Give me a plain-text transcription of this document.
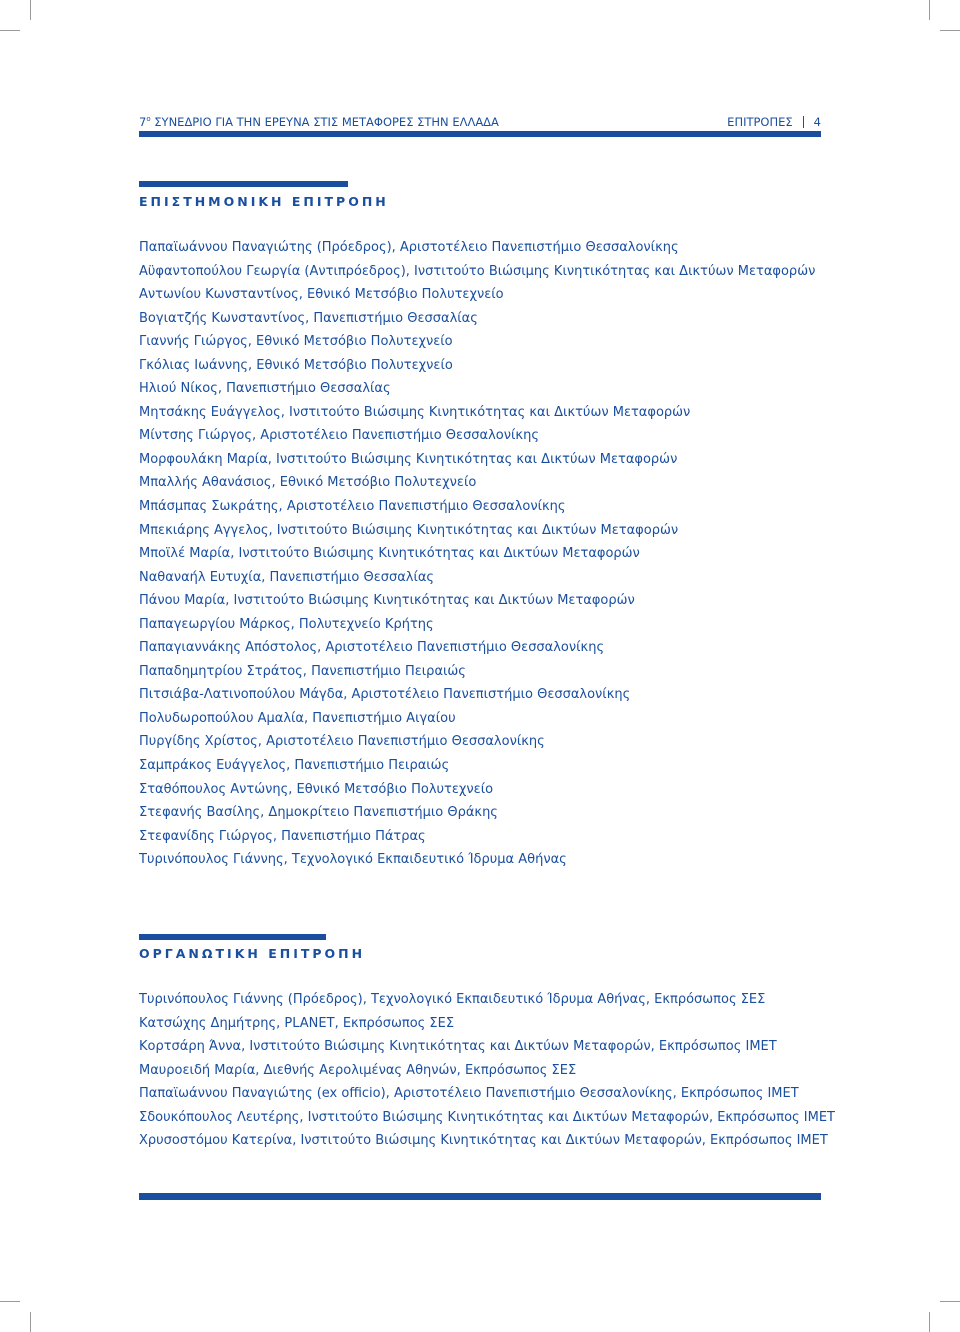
$7^o$ ΣΥΝΕΔΡΙΟ ΓΙΑ ΤΗΝ ΕΡΕΥΝΑ ΣΤΙΣ ΜΕΤΑΦΟΡΕΣ ΣΤΗΝ ΕΛΛΑΔΑ	ΕΠΙΤΡΟΠΕΣ 4
ΕΠΙΣΤΗΜΟΝΙΚΗ ΕΠΙΤΡΟΠΗ
Παπαϊωάννου Παναγιώτης (Πρόεδρος), Αριστοτέλειο Πανεπιστήμιο Θεσσαλονίκης
Αϋφαντοπούλου Γεωργία (Αντιπρόεδρος), Ινστιτούτο Βιώσιμης Κινητικότητας και Δικτύων Μεταφορών
Αντωνίου Κωνσταντίνος, Εθνικό Μετσόβιο Πολυτεχνείο
Βογιατζής Κωνσταντίνος, Πανεπιστήμιο Θεσσαλίας
Γιαννής Γιώργος, Εθνικό Μετσόβιο Πολυτεχνείο
Γκόλιας Ιωάννης, Εθνικό Μετσόβιο Πολυτεχνείο
Ηλιού Νίκος, Πανεπιστήμιο Θεσσαλίας
Μητσάκης Ευάγγελος, Ινστιτούτο Βιώσιμης Κινητικότητας και Δικτύων Μεταφορών
Μίντσης Γιώργος, Αριστοτέλειο Πανεπιστήμιο Θεσσαλονίκης
Μορφουλάκη Μαρία, Ινστιτούτο Βιώσιμης Κινητικότητας και Δικτύων Μεταφορών
Μπαλλής Αθανάσιος, Εθνικό Μετσόβιο Πολυτεχνείο
Μπάσμπας Σωκράτης, Αριστοτέλειο Πανεπιστήμιο Θεσσαλονίκης
Μπεκιάρης Αγγελος, Ινστιτούτο Βιώσιμης Κινητικότητας και Δικτύων Μεταφορών
Μποϊλέ Μαρία, Ινστιτούτο Βιώσιμης Κινητικότητας και Δικτύων Μεταφορών
Ναθαναήλ Ευτυχία, Πανεπιστήμιο Θεσσαλίας
Πάνου Μαρία, Ινστιτούτο Βιώσιμης Κινητικότητας και Δικτύων Μεταφορών
Παπαγεωργίου Μάρκος, Πολυτεχνείο Κρήτης
Παπαγιαννάκης Απόστολος, Αριστοτέλειο Πανεπιστήμιο Θεσσαλονίκης
Παπαδημητρίου Στράτος, Πανεπιστήμιο Πειραιώς
Πιτσιάβα-Λατινοπούλου Μάγδα, Αριστοτέλειο Πανεπιστήμιο Θεσσαλονίκης
Πολυδωροπούλου Αμαλία, Πανεπιστήμιο Αιγαίου
Πυργίδης Χρίστος, Αριστοτέλειο Πανεπιστήμιο Θεσσαλονίκης
Σαμπράκος Ευάγγελος, Πανεπιστήμιο Πειραιώς
Σταθόπουλος Αντώνης, Εθνικό Μετσόβιο Πολυτεχνείο
Στεφανής Βασίλης, Δημοκρίτειο Πανεπιστήμιο Θράκης
Στεφανίδης Γιώργος, Πανεπιστήμιο Πάτρας
Τυρινόπουλος Γιάννης, Τεχνολογικό Εκπαιδευτικό Ίδρυμα Αθήνας
ΟΡΓΑΝΩΤΙΚΗ ΕΠΙΤΡΟΠΗ
Τυρινόπουλος Γιάννης (Πρόεδρος), Τεχνολογικό Εκπαιδευτικό Ίδρυμα Αθήνας, Εκπρόσωπος ΣΕΣ
Κατσώχης Δημήτρης, PLANET, Εκπρόσωπος ΣΕΣ
Κορτσάρη Άννα, Ινστιτούτο Βιώσιμης Κινητικότητας και Δικτύων Μεταφορών, Εκπρόσωπος ΙΜΕΤ
Μαυροειδή Μαρία, Διεθνής Αερολιμένας Αθηνών, Εκπρόσωπος ΣΕΣ
Παπαϊωάννου Παναγιώτης (ex officio), Αριστοτέλειο Πανεπιστήμιο Θεσσαλονίκης, Εκπρόσωπος ΙΜΕΤ
Σδουκόπουλος Λευτέρης, Ινστιτούτο Βιώσιμης Κινητικότητας και Δικτύων Μεταφορών, Εκπρόσωπος ΙΜΕΤ
Χρυσοστόμου Κατερίνα, Ινστιτούτο Βιώσιμης Κινητικότητας και Δικτύων Μεταφορών, Εκπρόσωπος ΙΜΕΤ
